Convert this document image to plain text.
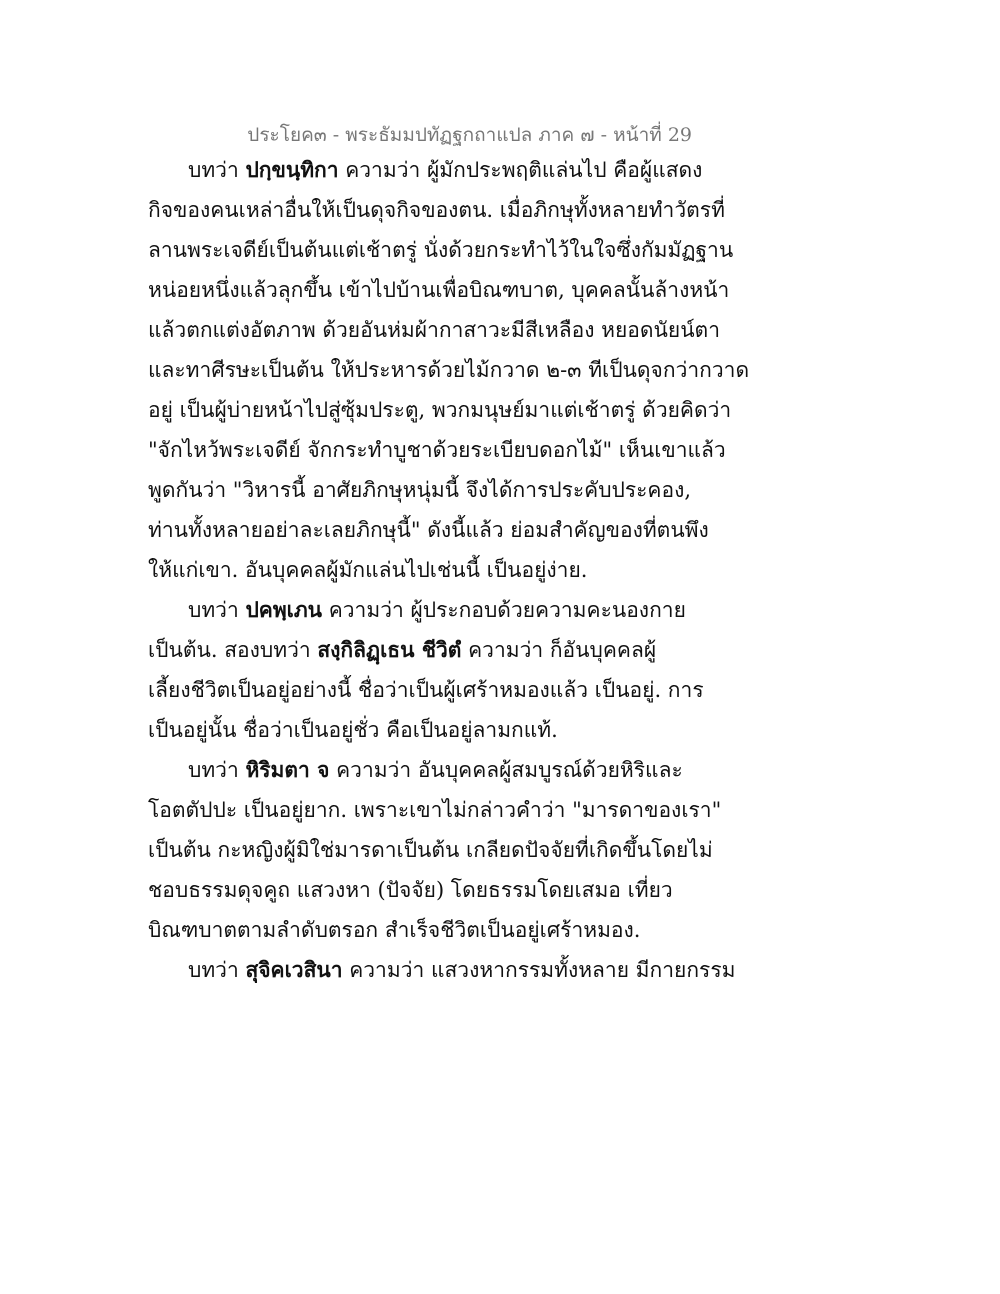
ประโยค๓ - พระธัมมปทัฏฐกถาแปล ภาค ๗ - หน้าที่ 29
บทว่า ปกฺขนฺทิกา ความว่า ผู้มักประพฤติแล่นไป คือผู้แสดง
กิจของคนเหล่าอื่นให้เป็นดุจกิจของตน. เมื่อภิกษุทั้งหลายทำวัตรที่
ลานพระเจดีย์เป็นต้นแต่เช้าตรู่ นั่งด้วยกระทำไว้ในใจซึ่งกัมมัฏฐาน
หน่อยหนึ่งแล้วลุกขึ้น เข้าไปบ้านเพื่อบิณฑบาต, บุคคลนั้นล้างหน้า
แล้วตกแต่งอัตภาพ ด้วยอันห่มผ้ากาสาวะมีสีเหลือง หยอดนัยน์ตา
และทาศีรษะเป็นต้น ให้ประหารด้วยไม้กวาด ๒-๓ ทีเป็นดุจกว่ากวาด
อยู่ เป็นผู้บ่ายหน้าไปสู่ซุ้มประตู, พวกมนุษย์มาแต่เช้าตรู่ ด้วยคิดว่า
"จักไหว้พระเจดีย์ จักกระทำบูชาด้วยระเบียบดอกไม้" เห็นเขาแล้ว
พูดกันว่า "วิหารนี้ อาศัยภิกษุหนุ่มนี้ จึงได้การประคับประคอง,
ท่านทั้งหลายอย่าละเลยภิกษุนี้" ดังนี้แล้ว ย่อมสำคัญของที่ตนพึง
ให้แก่เขา. อันบุคคลผู้มักแล่นไปเช่นนี้ เป็นอยู่ง่าย.
บทว่า ปคพฺเภน ความว่า ผู้ประกอบด้วยความคะนองกาย
เป็นต้น. สองบทว่า สงฺกิลิฏฺเธน ชีวิตํ ความว่า ก็อันบุคคลผู้
เลี้ยงชีวิตเป็นอยู่อย่างนี้ ชื่อว่าเป็นผู้เศร้าหมองแล้ว เป็นอยู่. การ
เป็นอยู่นั้น ชื่อว่าเป็นอยู่ชั่ว คือเป็นอยู่ลามกแท้.
บทว่า หิริมตา จ ความว่า อันบุคคลผู้สมบูรณ์ด้วยหิริและ
โอตตัปปะ เป็นอยู่ยาก. เพราะเขาไม่กล่าวคำว่า "มารดาของเรา"
เป็นต้น กะหญิงผู้มิใช่มารดาเป็นต้น เกลียดปัจจัยที่เกิดขึ้นโดยไม่
ชอบธรรมดุจคูถ แสวงหา (ปัจจัย) โดยธรรมโดยเสมอ เที่ยว
บิณฑบาตตามลำดับตรอก สำเร็จชีวิตเป็นอยู่เศร้าหมอง.
บทว่า สุจิคเวสินา ความว่า แสวงหากรรมทั้งหลาย มีกายกรรม
